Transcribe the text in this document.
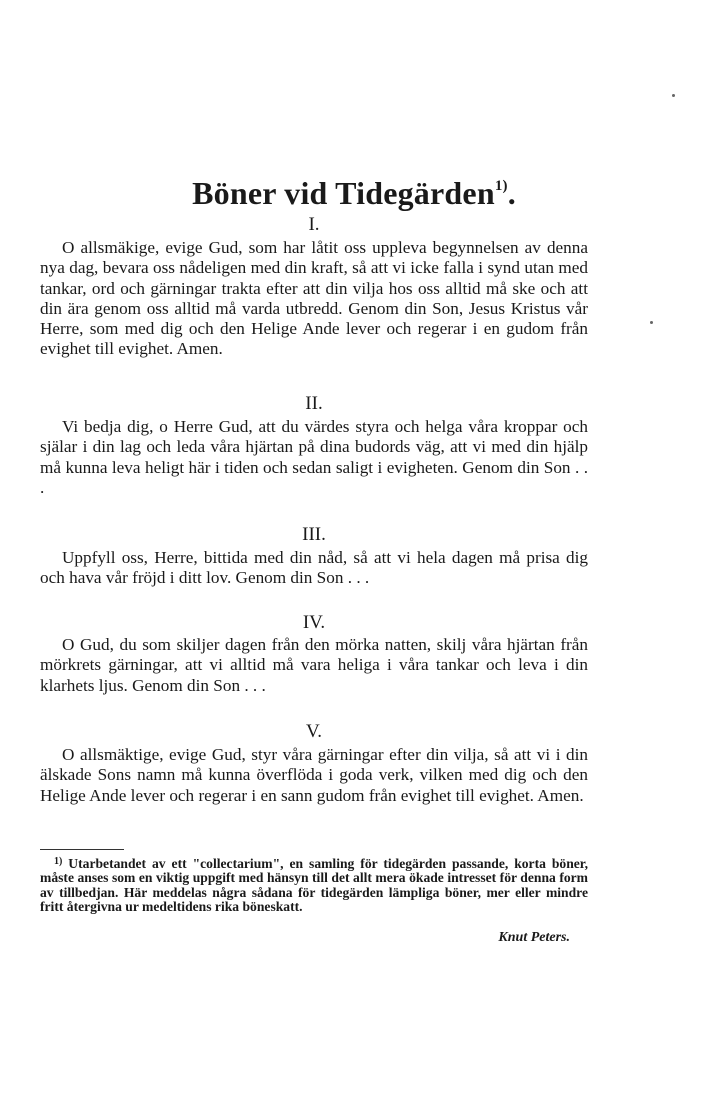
Böner vid Tidegärden$^{1)}$.
I.
O allsmäkige, evige Gud, som har låtit oss uppleva begynnelsen av denna nya dag, bevara oss nådeligen med din kraft, så att vi icke falla i synd utan med tankar, ord och gärningar trakta efter att din vilja hos oss alltid må ske och att din ära genom oss alltid må varda utbredd. Genom din Son, Jesus Kristus vår Herre, som med dig och den Helige Ande lever och regerar i en gudom från evighet till evighet. Amen.
II.
Vi bedja dig, o Herre Gud, att du värdes styra och helga våra kroppar och själar i din lag och leda våra hjärtan på dina budords väg, att vi med din hjälp må kunna leva heligt här i tiden och sedan saligt i evigheten. Genom din Son . . .
III.
Uppfyll oss, Herre, bittida med din nåd, så att vi hela dagen må prisa dig och hava vår fröjd i ditt lov. Genom din Son . . .
IV.
O Gud, du som skiljer dagen från den mörka natten, skilj våra hjärtan från mörkrets gärningar, att vi alltid må vara heliga i våra tankar och leva i din klarhets ljus. Genom din Son . . .
V.
O allsmäktige, evige Gud, styr våra gärningar efter din vilja, så att vi i din älskade Sons namn må kunna överflöda i goda verk, vilken med dig och den Helige Ande lever och regerar i en sann gudom från evighet till evighet. Amen.
$^{1)}$ Utarbetandet av ett "collectarium", en samling för tidegärden passande, korta böner, måste anses som en viktig uppgift med hänsyn till det allt mera ökade intresset för denna form av tillbedjan. Här meddelas några sådana för tidegärden lämpliga böner, mer eller mindre fritt återgivna ur medeltidens rika böneskatt.
Knut Peters.
